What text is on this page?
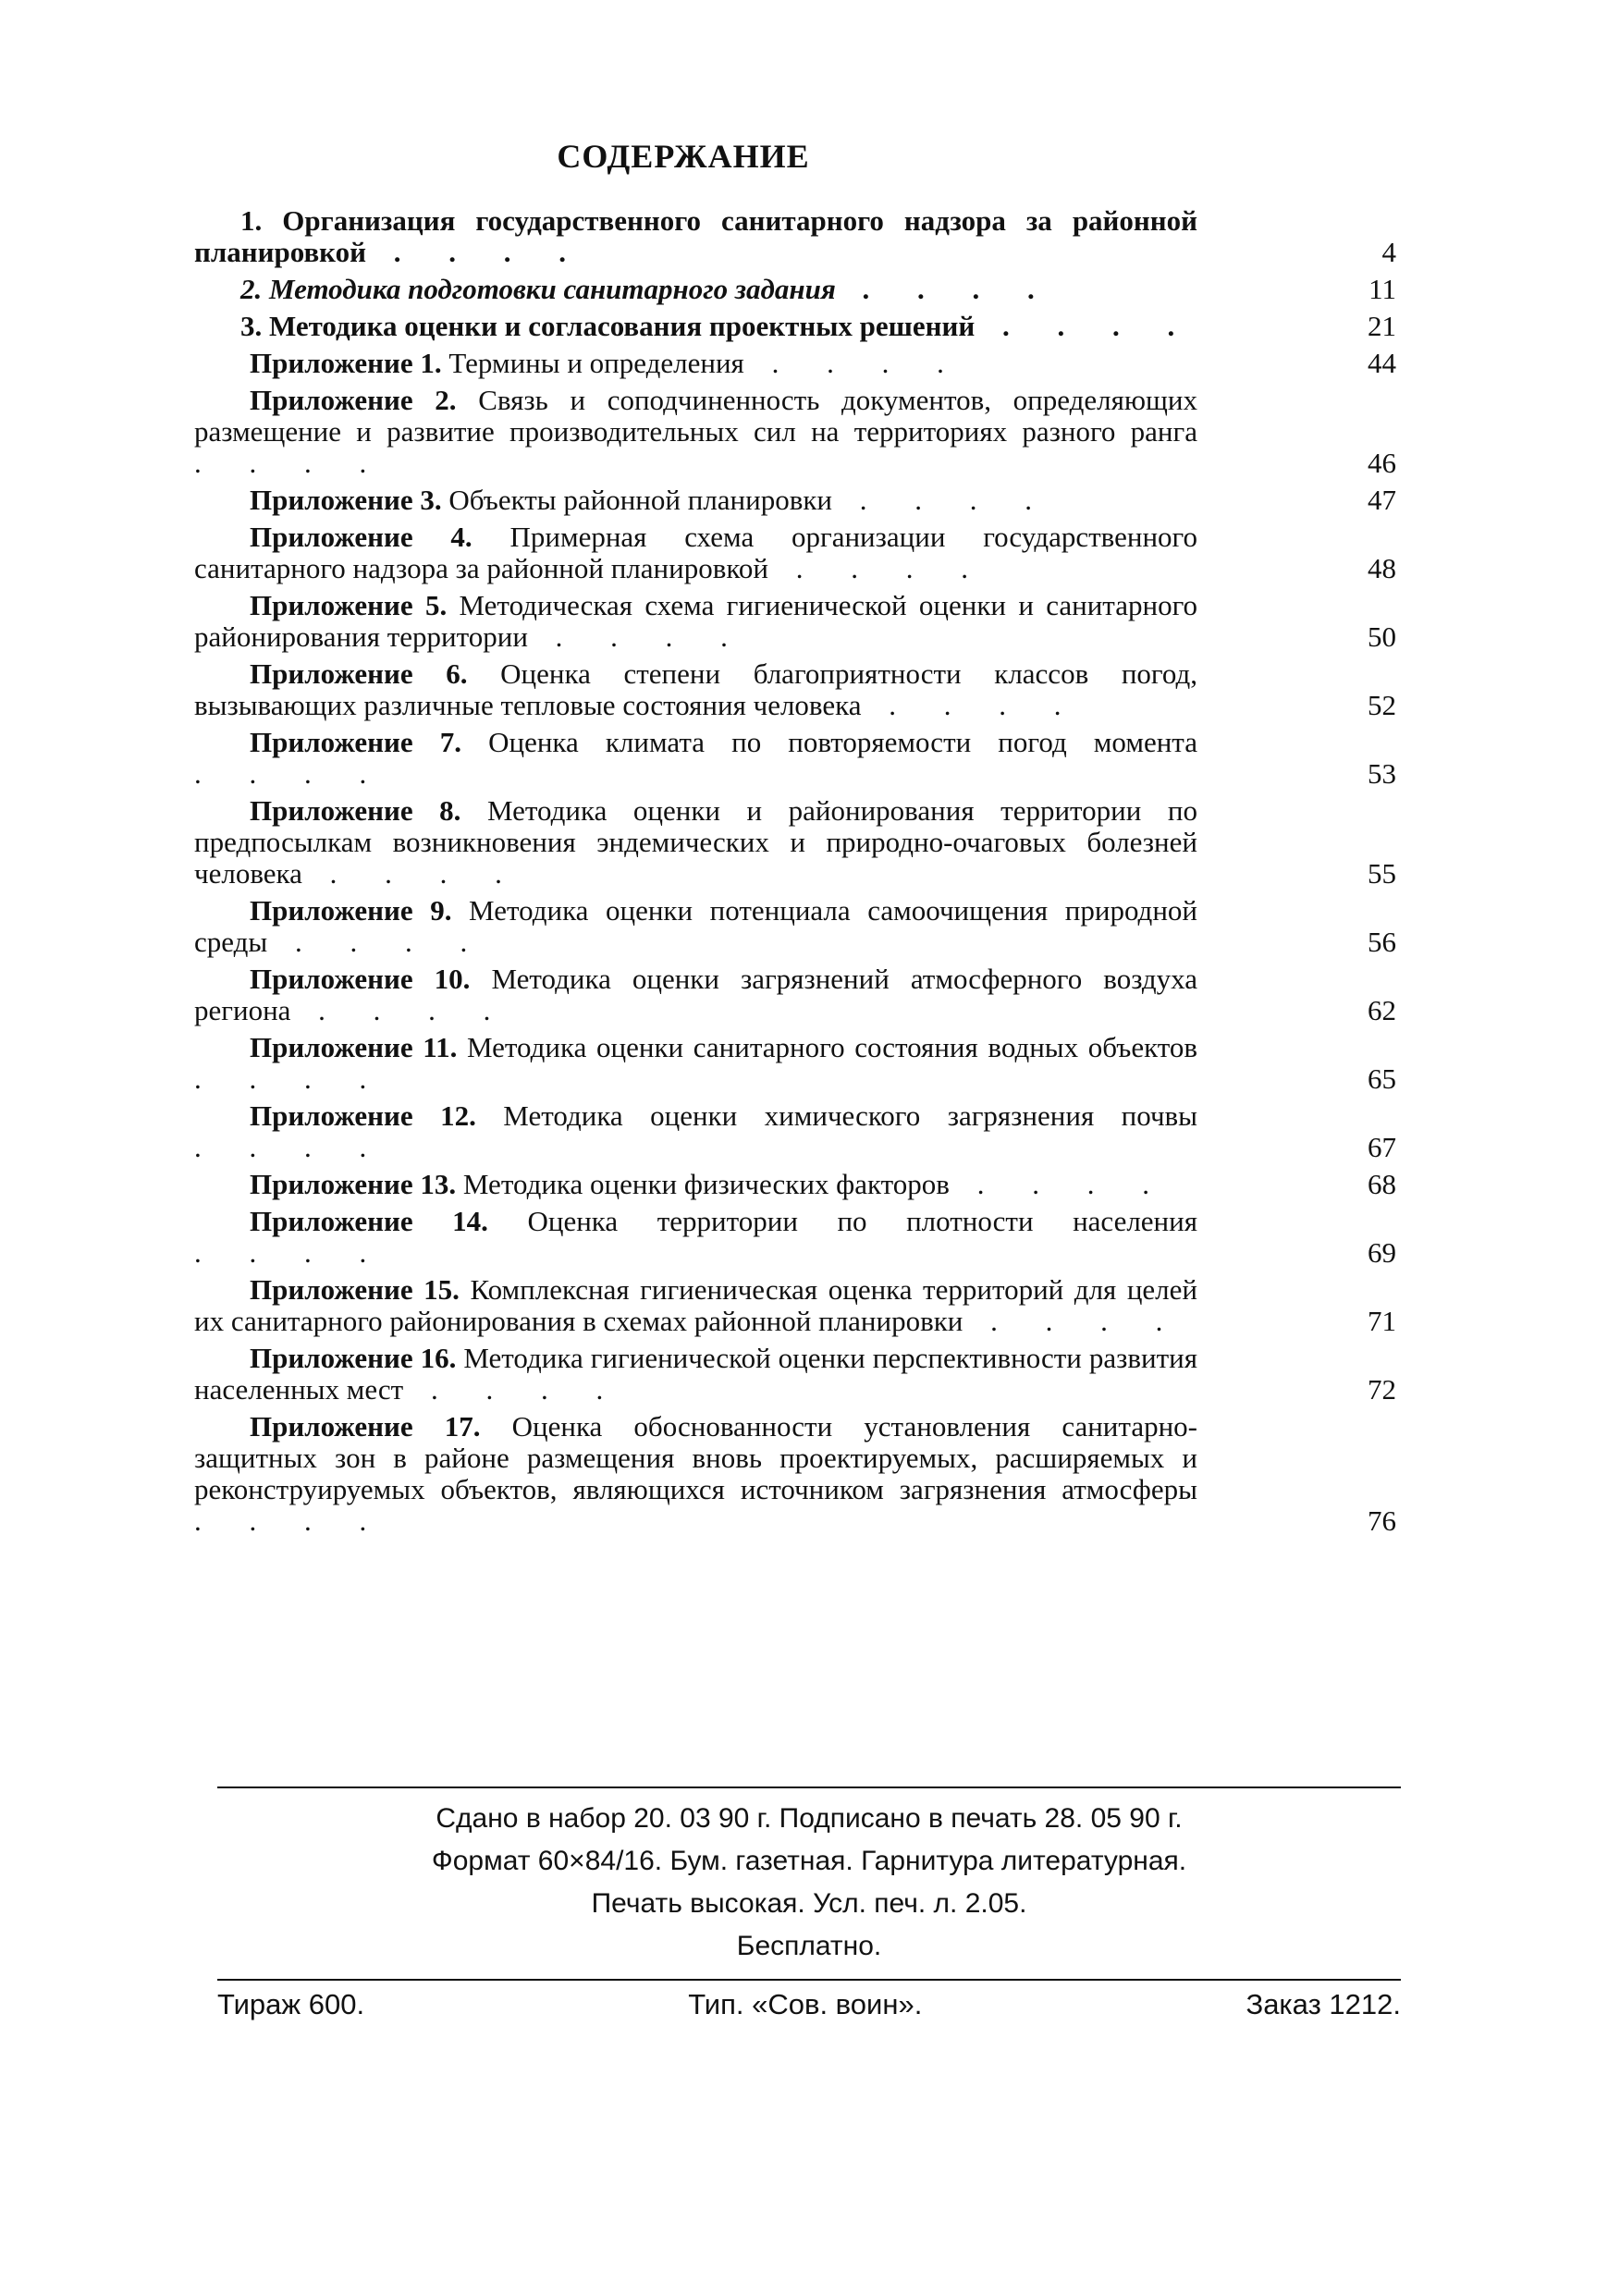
СОДЕРЖАНИЕ
1. Организация государственного санитарного надзора за районной планировкой . . . .	4
2. Методика подготовки санитарного задания . . . .	11
3. Методика оценки и согласования проектных решений . . . .	21
Приложение 1. Термины и определения . . . .	44
Приложение 2. Связь и соподчиненность документов, определяющих размещение и развитие производительных сил на территориях разного ранга . . . .	46
Приложение 3. Объекты районной планировки . . . .	47
Приложение 4. Примерная схема организации государственного санитарного надзора за районной планировкой . . . .	48
Приложение 5. Методическая схема гигиенической оценки и санитарного районирования территории . . . .	50
Приложение 6. Оценка степени благоприятности классов погод, вызывающих различные тепловые состояния человека . . . .	52
Приложение 7. Оценка климата по повторяемости погод момента . . . .	53
Приложение 8. Методика оценки и районирования территории по предпосылкам возникновения эндемических и природно-очаговых болезней человека . . . .	55
Приложение 9. Методика оценки потенциала самоочищения природной среды . . . .	56
Приложение 10. Методика оценки загрязнений атмосферного воздуха региона . . . .	62
Приложение 11. Методика оценки санитарного состояния водных объектов . . . .	65
Приложение 12. Методика оценки химического загрязнения почвы . . . .	67
Приложение 13. Методика оценки физических факторов . . . .	68
Приложение 14. Оценка территории по плотности населения . . . .	69
Приложение 15. Комплексная гигиеническая оценка территорий для целей их санитарного районирования в схемах районной планировки . . . .	71
Приложение 16. Методика гигиенической оценки перспективности развития населенных мест . . . .	72
Приложение 17. Оценка обоснованности установления санитарно-защитных зон в районе размещения вновь проектируемых, расширяемых и реконструируемых объектов, являющихся источником загрязнения атмосферы . . . .	76

Сдано в набор 20. 03 90 г. Подписано в печать 28. 05 90 г.

Формат 60×84/16. Бум. газетная. Гарнитура литературная.

Печать высокая. Усл. печ. л. 2.05.

Бесплатно.

Тираж 600.	Тип. «Сов. воин».	Заказ 1212.
